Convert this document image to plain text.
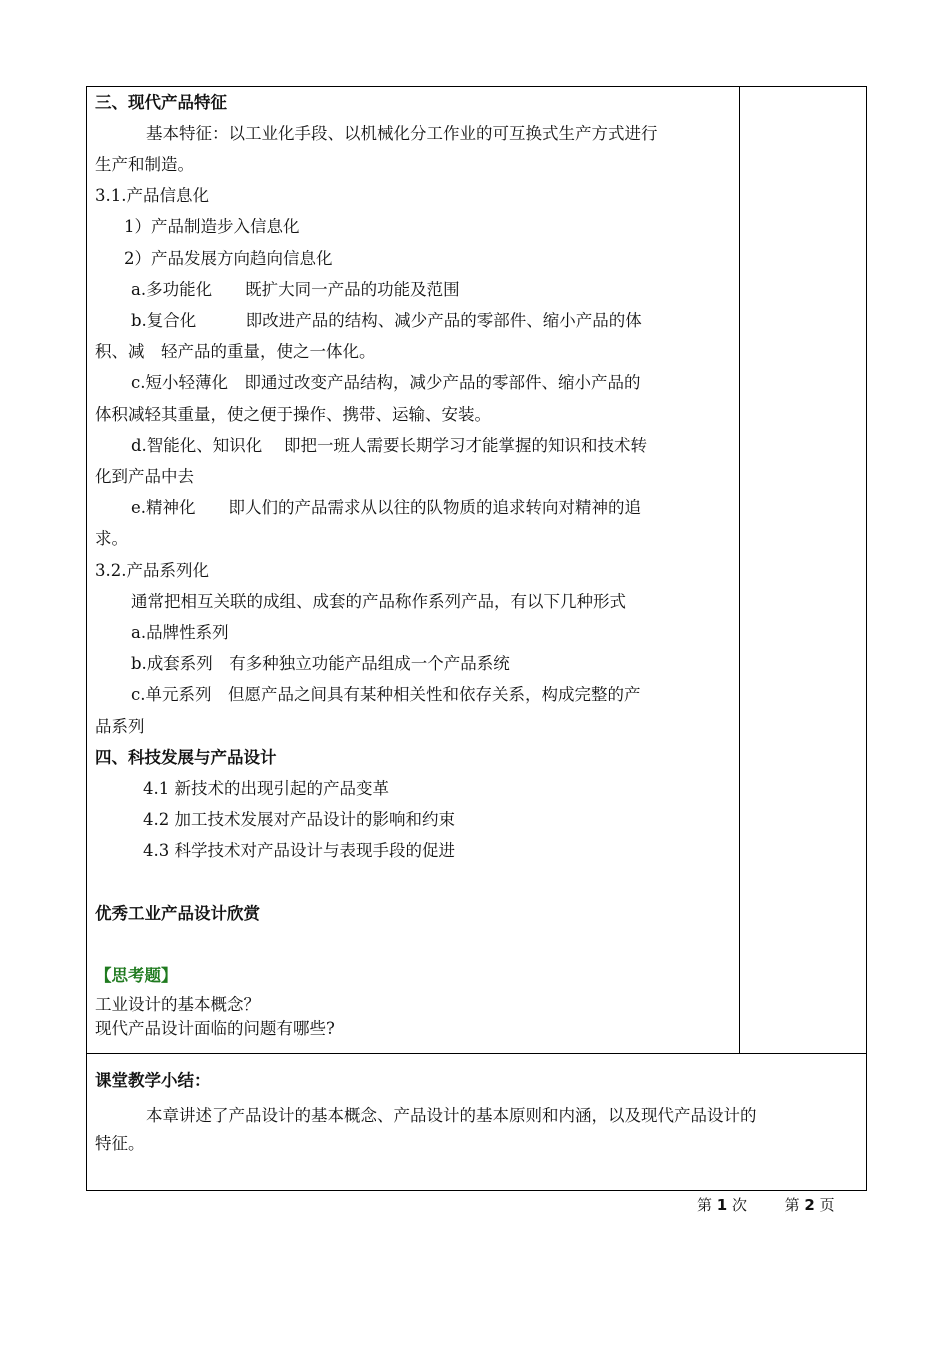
三、现代产品特征
基本特征：以工业化手段、以机械化分工作业的可互换式生产方式进行
生产和制造。
3.1.产品信息化
1）产品制造步入信息化
2）产品发展方向趋向信息化
a.多功能化　　既扩大同一产品的功能及范围
b.复合化　　　即改进产品的结构、减少产品的零部件、缩小产品的体
积、减　轻产品的重量，使之一体化。
c.短小轻薄化　即通过改变产品结构，减少产品的零部件、缩小产品的
体积减轻其重量，使之便于操作、携带、运输、安装。
d.智能化、知识化　 即把一班人需要长期学习才能掌握的知识和技术转
化到产品中去
e.精神化　　即人们的产品需求从以往的队物质的追求转向对精神的追
求。
3.2.产品系列化
通常把相互关联的成组、成套的产品称作系列产品，有以下几种形式
a.品牌性系列
b.成套系列　有多种独立功能产品组成一个产品系统
c.单元系列　但愿产品之间具有某种相关性和依存关系，构成完整的产
品系列
四、科技发展与产品设计
4.1 新技术的出现引起的产品变革
4.2 加工技术发展对产品设计的影响和约束
4.3 科学技术对产品设计与表现手段的促进
优秀工业产品设计欣赏
【思考题】
工业设计的基本概念？
现代产品设计面临的问题有哪些?
课堂教学小结：
本章讲述了产品设计的基本概念、产品设计的基本原则和内涵，以及现代产品设计的
特征。
第 1 次	第 2 页
